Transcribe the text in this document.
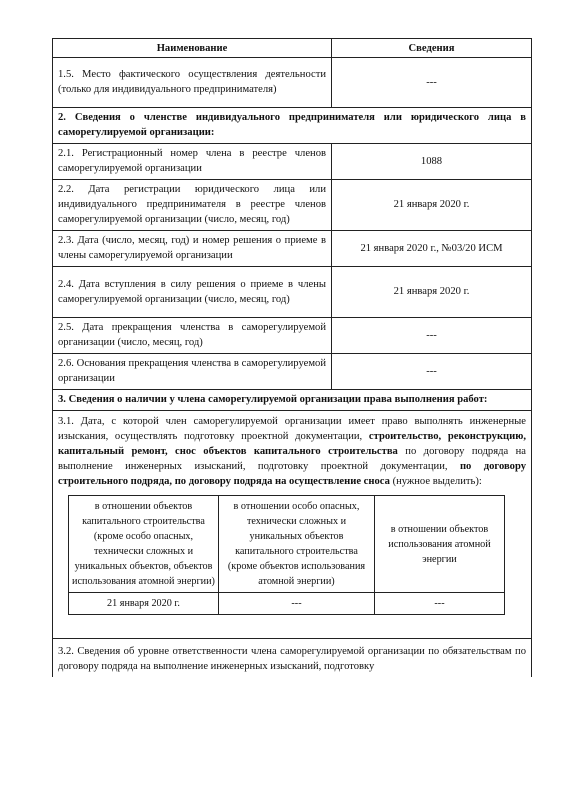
Наименование	Сведения
1.5. Место фактического осуществления деятельности (только для индивидуального предпринимателя)	---
2. Сведения о членстве индивидуального предпринимателя или юридического лица в саморегулируемой организации:
2.1. Регистрационный номер члена в реестре членов саморегулируемой организации	1088
2.2. Дата регистрации юридического лица или индивидуального предпринимателя в реестре членов саморегулируемой организации (число, месяц, год)	21 января 2020 г.
2.3. Дата (число, месяц, год) и номер решения о приеме в члены саморегулируемой организации	21 января 2020 г., №03/20 ИСМ
2.4. Дата вступления в силу решения о приеме в члены саморегулируемой организации (число, месяц, год)	21 января 2020 г.
2.5. Дата прекращения членства в саморегулируемой организации (число, месяц, год)	---
2.6. Основания прекращения членства в саморегулируемой организации	---
3. Сведения о наличии у члена саморегулируемой организации права выполнения работ:

3.1. Дата, с которой член саморегулируемой организации имеет право выполнять инженерные изыскания, осуществлять подготовку проектной документации, строительство, реконструкцию, капитальный ремонт, снос объектов капитального строительства по договору подряда на выполнение инженерных изысканий, подготовку проектной документации, по договору строительного подряда, по договору подряда на осуществление сноса (нужное выделить):

в отношении объектов капитального строительства (кроме особо опасных, технически сложных и уникальных объектов, объектов использования атомной энергии)	в отношении особо опасных, технически сложных и уникальных объектов капитального строительства (кроме объектов использования атомной энергии)	в отношении объектов использования атомной энергии
21 января 2020 г.	---	---

3.2. Сведения об уровне ответственности члена саморегулируемой организации по обязательствам по договору подряда на выполнение инженерных изысканий, подготовку
